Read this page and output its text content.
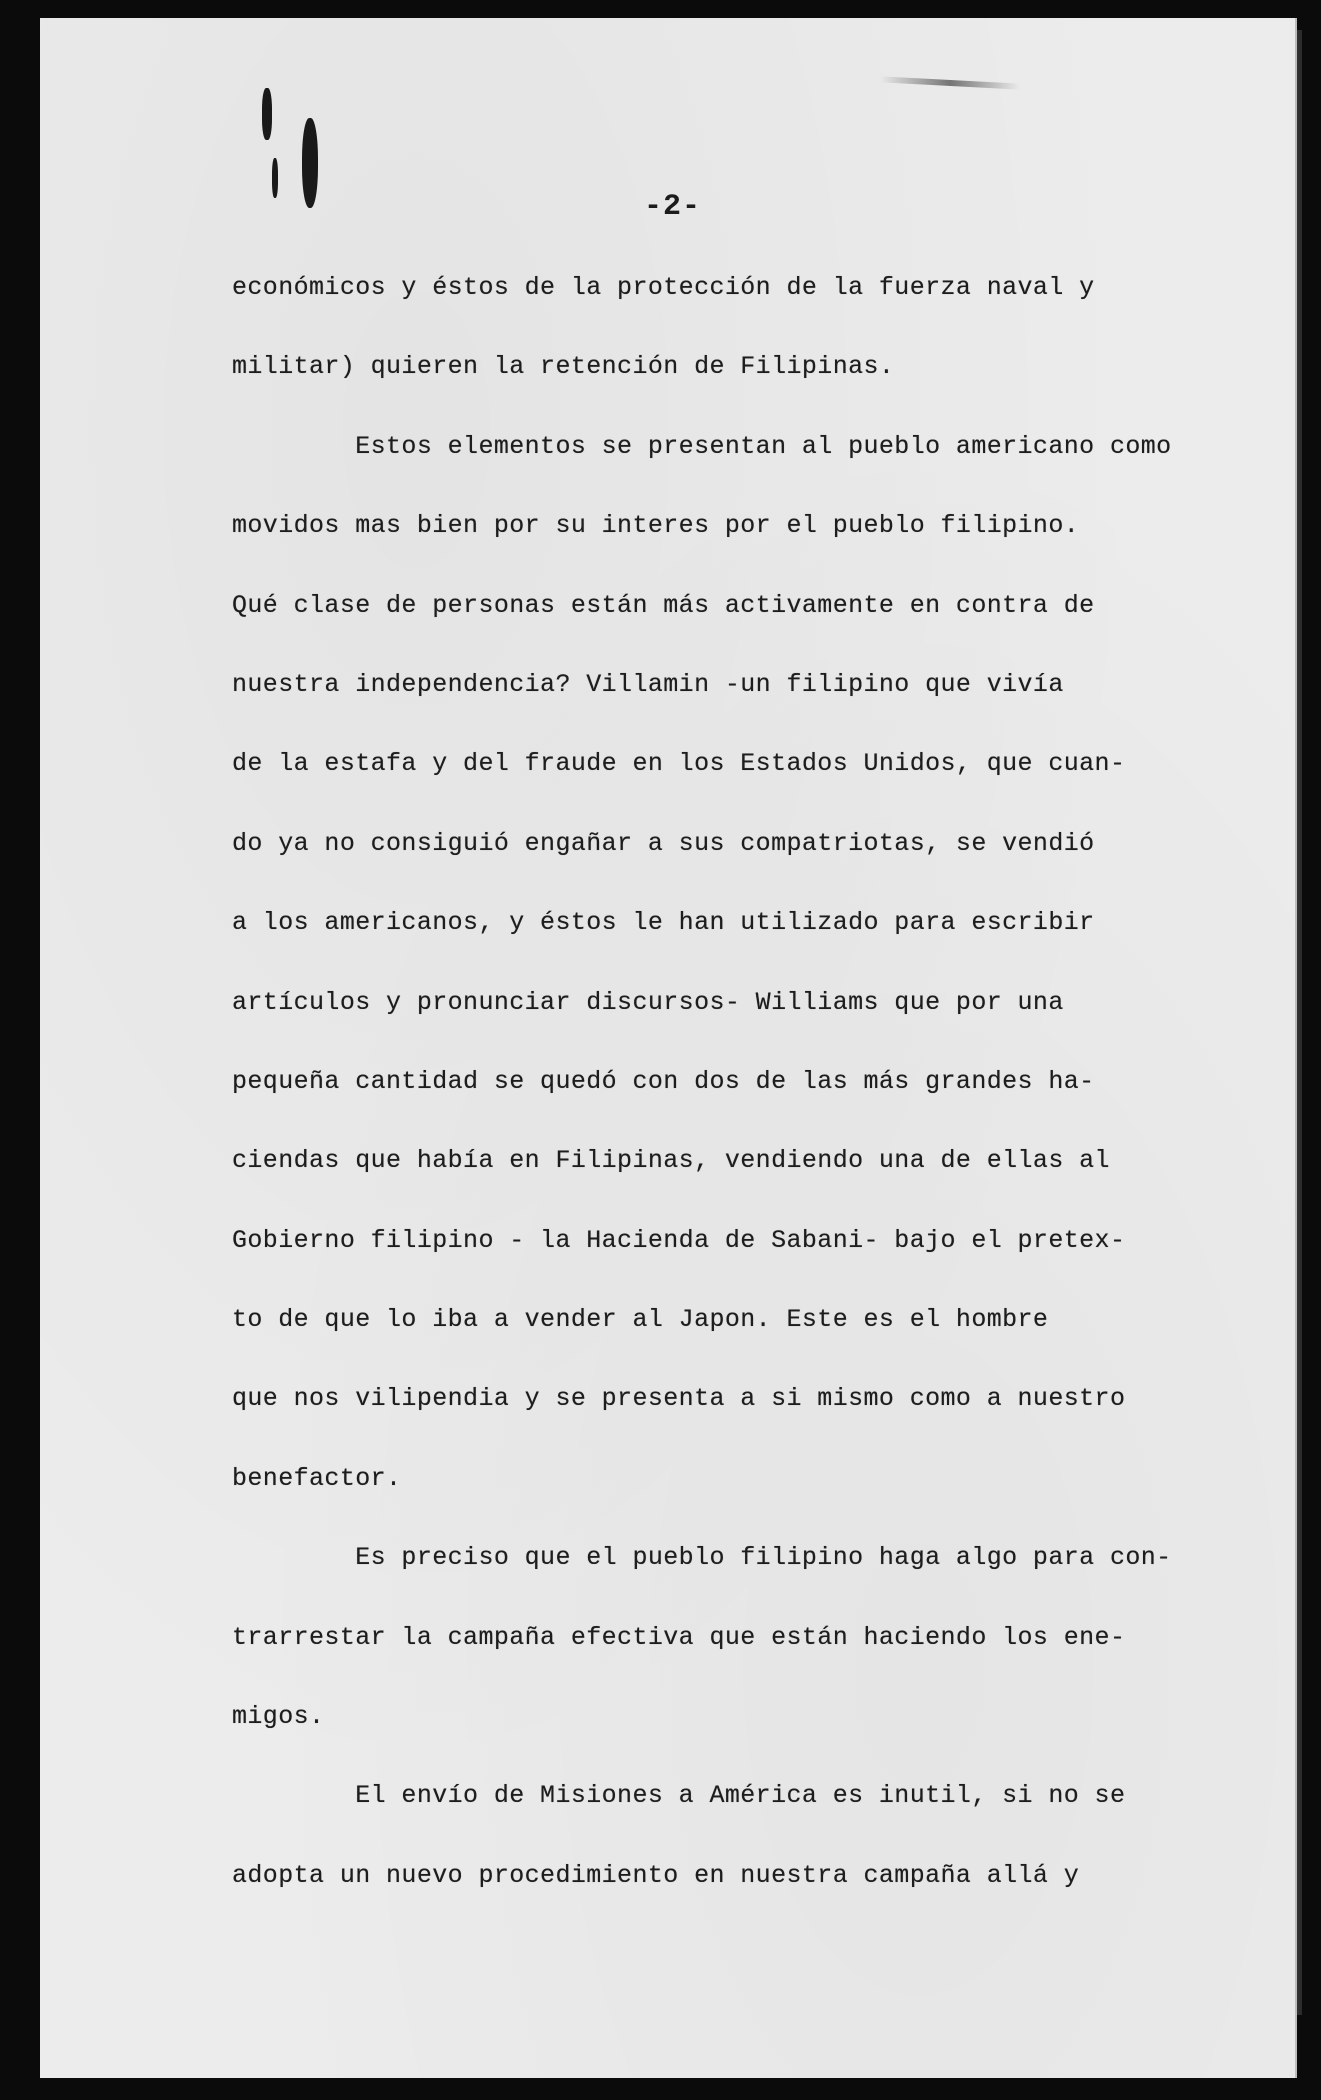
-2-
económicos y éstos de la protección de la fuerza naval y
militar) quieren la retención de Filipinas.
Estos elementos se presentan al pueblo americano como
movidos mas bien por su interes por el pueblo filipino.
Qué clase de personas están más activamente en contra de
nuestra independencia? Villamin -un filipino que vivía
de la estafa y del fraude en los Estados Unidos, que cuan-
do ya no consiguió engañar a sus compatriotas, se vendió
a los americanos, y éstos le han utilizado para escribir
artículos y pronunciar discursos- Williams que por una
pequeña cantidad se quedó con dos de las más grandes ha-
ciendas que había en Filipinas, vendiendo una de ellas al
Gobierno filipino - la Hacienda de Sabani- bajo el pretex-
to de que lo iba a vender al Japon. Este es el hombre
que nos vilipendia y se presenta a si mismo como a nuestro
benefactor.
Es preciso que el pueblo filipino haga algo para con-
trarrestar la campaña efectiva que están haciendo los ene-
migos.
El envío de Misiones a América es inutil, si no se
adopta un nuevo procedimiento en nuestra campaña allá y
